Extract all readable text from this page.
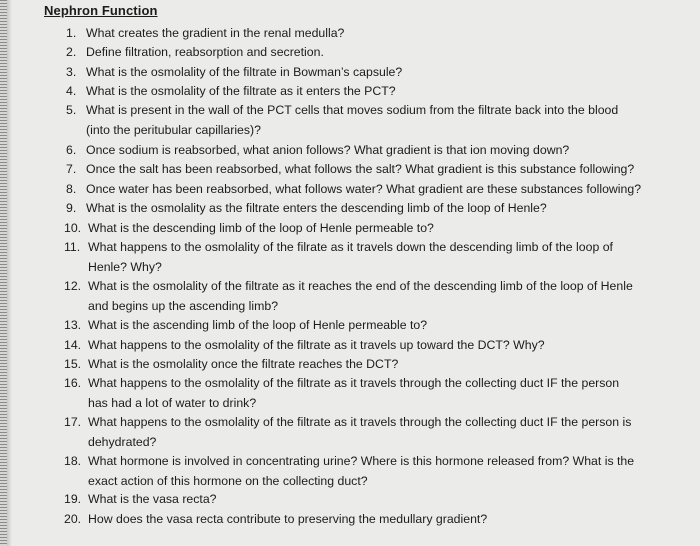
Nephron Function
1. What creates the gradient in the renal medulla?
2. Define filtration, reabsorption and secretion.
3. What is the osmolality of the filtrate in Bowman’s capsule?
4. What is the osmolality of the filtrate as it enters the PCT?
5. What is present in the wall of the PCT cells that moves sodium from the filtrate back into the blood
(into the peritubular capillaries)?
6. Once sodium is reabsorbed, what anion follows? What gradient is that ion moving down?
7. Once the salt has been reabsorbed, what follows the salt? What gradient is this substance following?
8. Once water has been reabsorbed, what follows water? What gradient are these substances following?
9. What is the osmolality as the filtrate enters the descending limb of the loop of Henle?
10. What is the descending limb of the loop of Henle permeable to?
11. What happens to the osmolality of the filrate as it travels down the descending limb of the loop of
Henle? Why?
12. What is the osmolality of the filtrate as it reaches the end of the descending limb of the loop of Henle
and begins up the ascending limb?
13. What is the ascending limb of the loop of Henle permeable to?
14. What happens to the osmolality of the filtrate as it travels up toward the DCT? Why?
15. What is the osmolality once the filtrate reaches the DCT?
16. What happens to the osmolality of the filtrate as it travels through the collecting duct IF the person
has had a lot of water to drink?
17. What happens to the osmolality of the filtrate as it travels through the collecting duct IF the person is
dehydrated?
18. What hormone is involved in concentrating urine? Where is this hormone released from? What is the
exact action of this hormone on the collecting duct?
19. What is the vasa recta?
20. How does the vasa recta contribute to preserving the medullary gradient?
